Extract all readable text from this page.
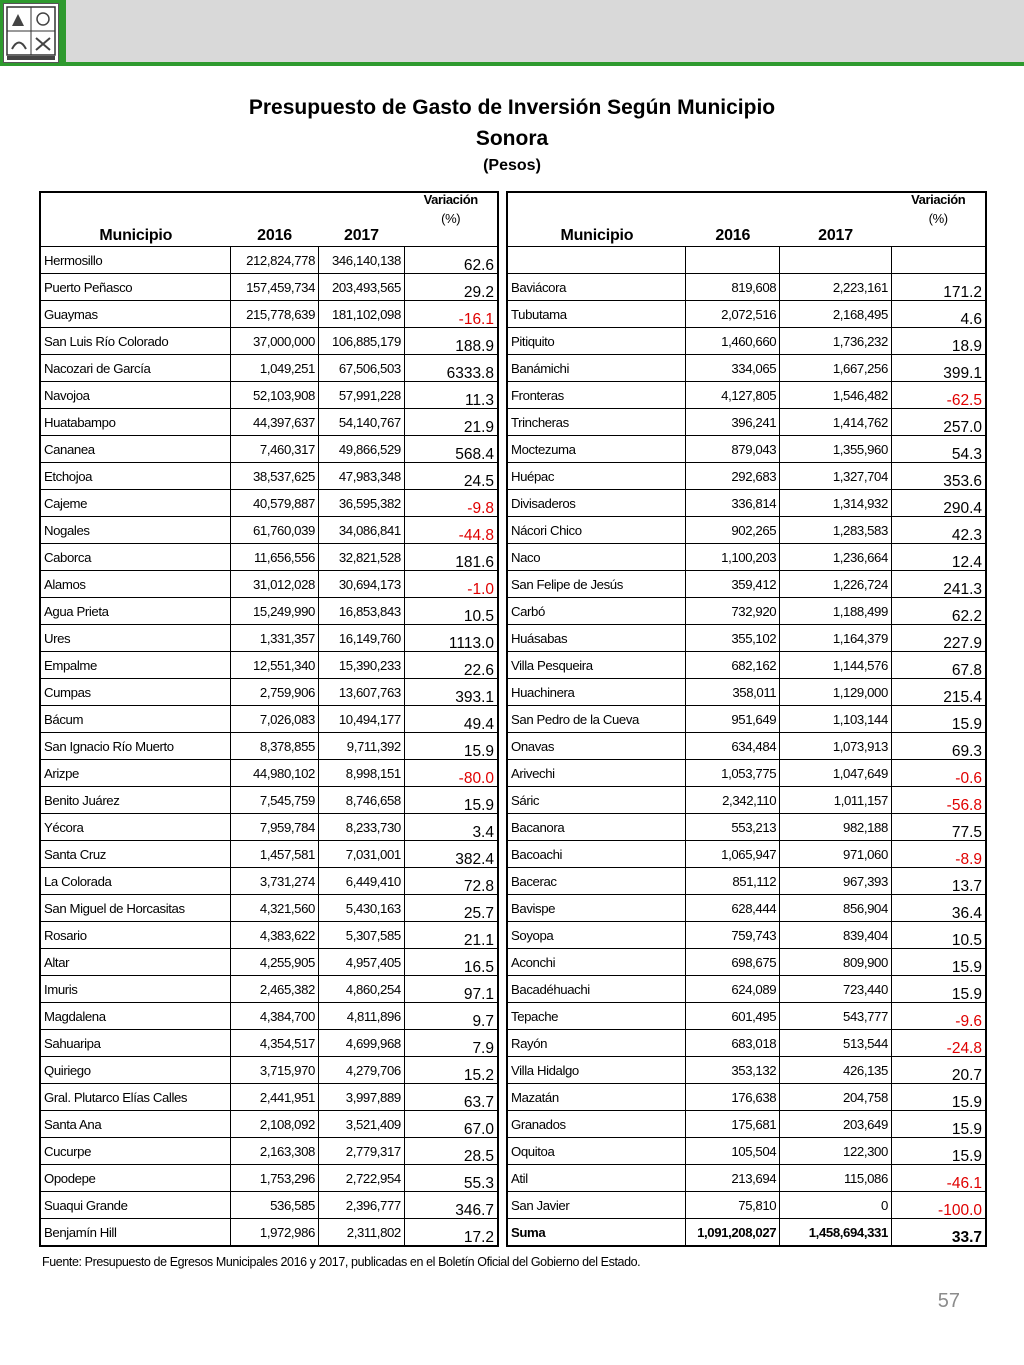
Presupuesto de Gasto de Inversión Según Municipio
Sonora
(Pesos)
Municipio	2016	2017	Variación
(%)

Hermosillo	212,824,778	346,140,138	62.6
Puerto Peñasco	157,459,734	203,493,565	29.2
Guaymas	215,778,639	181,102,098	-16.1
San Luis Río Colorado	37,000,000	106,885,179	188.9
Nacozari de García	1,049,251	67,506,503	6333.8
Navojoa	52,103,908	57,991,228	11.3
Huatabampo	44,397,637	54,140,767	21.9
Cananea	7,460,317	49,866,529	568.4
Etchojoa	38,537,625	47,983,348	24.5
Cajeme	40,579,887	36,595,382	-9.8
Nogales	61,760,039	34,086,841	-44.8
Caborca	11,656,556	32,821,528	181.6
Alamos	31,012,028	30,694,173	-1.0
Agua Prieta	15,249,990	16,853,843	10.5
Ures	1,331,357	16,149,760	1113.0
Empalme	12,551,340	15,390,233	22.6
Cumpas	2,759,906	13,607,763	393.1
Bácum	7,026,083	10,494,177	49.4
San Ignacio Río Muerto	8,378,855	9,711,392	15.9
Arizpe	44,980,102	8,998,151	-80.0
Benito Juárez	7,545,759	8,746,658	15.9
Yécora	7,959,784	8,233,730	3.4
Santa Cruz	1,457,581	7,031,001	382.4
La Colorada	3,731,274	6,449,410	72.8
San Miguel de Horcasitas	4,321,560	5,430,163	25.7
Rosario	4,383,622	5,307,585	21.1
Altar	4,255,905	4,957,405	16.5
Imuris	2,465,382	4,860,254	97.1
Magdalena	4,384,700	4,811,896	9.7
Sahuaripa	4,354,517	4,699,968	7.9
Quiriego	3,715,970	4,279,706	15.2
Gral. Plutarco Elías Calles	2,441,951	3,997,889	63.7
Santa Ana	2,108,092	3,521,409	67.0
Cucurpe	2,163,308	2,779,317	28.5
Opodepe	1,753,296	2,722,954	55.3
Suaqui Grande	536,585	2,396,777	346.7
Benjamín Hill	1,972,986	2,311,802	17.2
Municipio	2016	2017	Variación
(%)

Baviácora	819,608	2,223,161	171.2
Tubutama	2,072,516	2,168,495	4.6
Pitiquito	1,460,660	1,736,232	18.9
Banámichi	334,065	1,667,256	399.1
Fronteras	4,127,805	1,546,482	-62.5
Trincheras	396,241	1,414,762	257.0
Moctezuma	879,043	1,355,960	54.3
Huépac	292,683	1,327,704	353.6
Divisaderos	336,814	1,314,932	290.4
Nácori Chico	902,265	1,283,583	42.3
Naco	1,100,203	1,236,664	12.4
San Felipe de Jesús	359,412	1,226,724	241.3
Carbó	732,920	1,188,499	62.2
Huásabas	355,102	1,164,379	227.9
Villa Pesqueira	682,162	1,144,576	67.8
Huachinera	358,011	1,129,000	215.4
San Pedro de la Cueva	951,649	1,103,144	15.9
Onavas	634,484	1,073,913	69.3
Arivechi	1,053,775	1,047,649	-0.6
Sáric	2,342,110	1,011,157	-56.8
Bacanora	553,213	982,188	77.5
Bacoachi	1,065,947	971,060	-8.9
Bacerac	851,112	967,393	13.7
Bavispe	628,444	856,904	36.4
Soyopa	759,743	839,404	10.5
Aconchi	698,675	809,900	15.9
Bacadéhuachi	624,089	723,440	15.9
Tepache	601,495	543,777	-9.6
Rayón	683,018	513,544	-24.8
Villa Hidalgo	353,132	426,135	20.7
Mazatán	176,638	204,758	15.9
Granados	175,681	203,649	15.9
Oquitoa	105,504	122,300	15.9
Atil	213,694	115,086	-46.1
San Javier	75,810	0	-100.0
Suma	1,091,208,027	1,458,694,331	33.7
Fuente: Presupuesto de Egresos Municipales 2016 y 2017, publicadas en el Boletín Oficial del Gobierno del Estado.
57
